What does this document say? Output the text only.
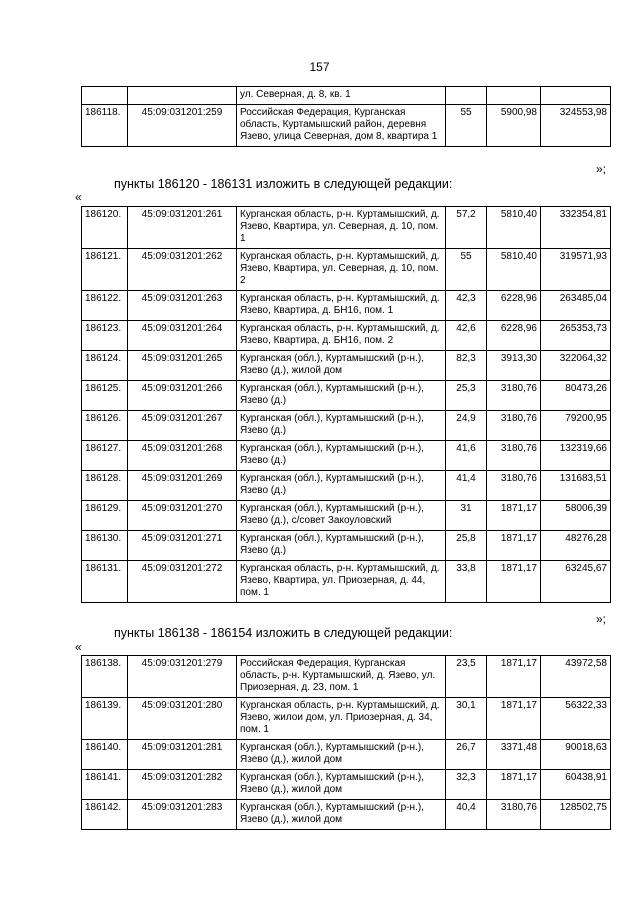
157
		ул. Северная, д. 8, кв. 1			
186118.	45:09:031201:259	Российская Федерация, Курганская область, Куртамышский район, деревня Язево, улица Северная, дом 8, квартира 1	55	5900,98	324553,98
»;
пункты 186120 - 186131 изложить в следующей редакции:
«
186120.	45:09:031201:261	Курганская область, р-н. Куртамышский, д. Язево, Квартира, ул. Северная, д. 10, пом. 1	57,2	5810,40	332354,81
186121.	45:09:031201:262	Курганская область, р-н. Куртамышский, д. Язево, Квартира, ул. Северная, д. 10, пом. 2	55	5810,40	319571,93
186122.	45:09:031201:263	Курганская область, р-н. Куртамышский, д. Язево, Квартира, д. БН16, пом. 1	42,3	6228,96	263485,04
186123.	45:09:031201:264	Курганская область, р-н. Куртамышский, д. Язево, Квартира, д. БН16, пом. 2	42,6	6228,96	265353,73
186124.	45:09:031201:265	Курганская (обл.), Куртамышский (р-н.), Язево (д.), жилой дом	82,3	3913,30	322064,32
186125.	45:09:031201:266	Курганская (обл.), Куртамышский (р-н.), Язево (д.)	25,3	3180,76	80473,26
186126.	45:09:031201:267	Курганская (обл.), Куртамышский (р-н.), Язево (д.)	24,9	3180,76	79200,95
186127.	45:09:031201:268	Курганская (обл.), Куртамышский (р-н.), Язево (д.)	41,6	3180,76	132319,66
186128.	45:09:031201:269	Курганская (обл.), Куртамышский (р-н.), Язево (д.)	41,4	3180,76	131683,51
186129.	45:09:031201:270	Курганская (обл.), Куртамышский (р-н.), Язево (д.), с/совет Закоуловский	31	1871,17	58006,39
186130.	45:09:031201:271	Курганская (обл.), Куртамышский (р-н.), Язево (д.)	25,8	1871,17	48276,28
186131.	45:09:031201:272	Курганская область, р-н. Куртамышский, д. Язево, Квартира, ул. Приозерная, д. 44, пом. 1	33,8	1871,17	63245,67
»;
пункты 186138 - 186154 изложить в следующей редакции:
«
186138.	45:09:031201:279	Российская Федерация, Курганская область, р-н. Куртамышский, д. Язево, ул. Приозерная, д. 23, пом. 1	23,5	1871,17	43972,58
186139.	45:09:031201:280	Курганская область, р-н. Куртамышский, д. Язево, жилои дом, ул. Приозерная, д. 34, пом. 1	30,1	1871,17	56322,33
186140.	45:09:031201:281	Курганская (обл.), Куртамышский (р-н.), Язево (д.), жилой дом	26,7	3371,48	90018,63
186141.	45:09:031201:282	Курганская (обл.), Куртамышский (р-н.), Язево (д.), жилой дом	32,3	1871,17	60438,91
186142.	45:09:031201:283	Курганская (обл.), Куртамышский (р-н.), Язево (д.), жилой дом	40,4	3180,76	128502,75
